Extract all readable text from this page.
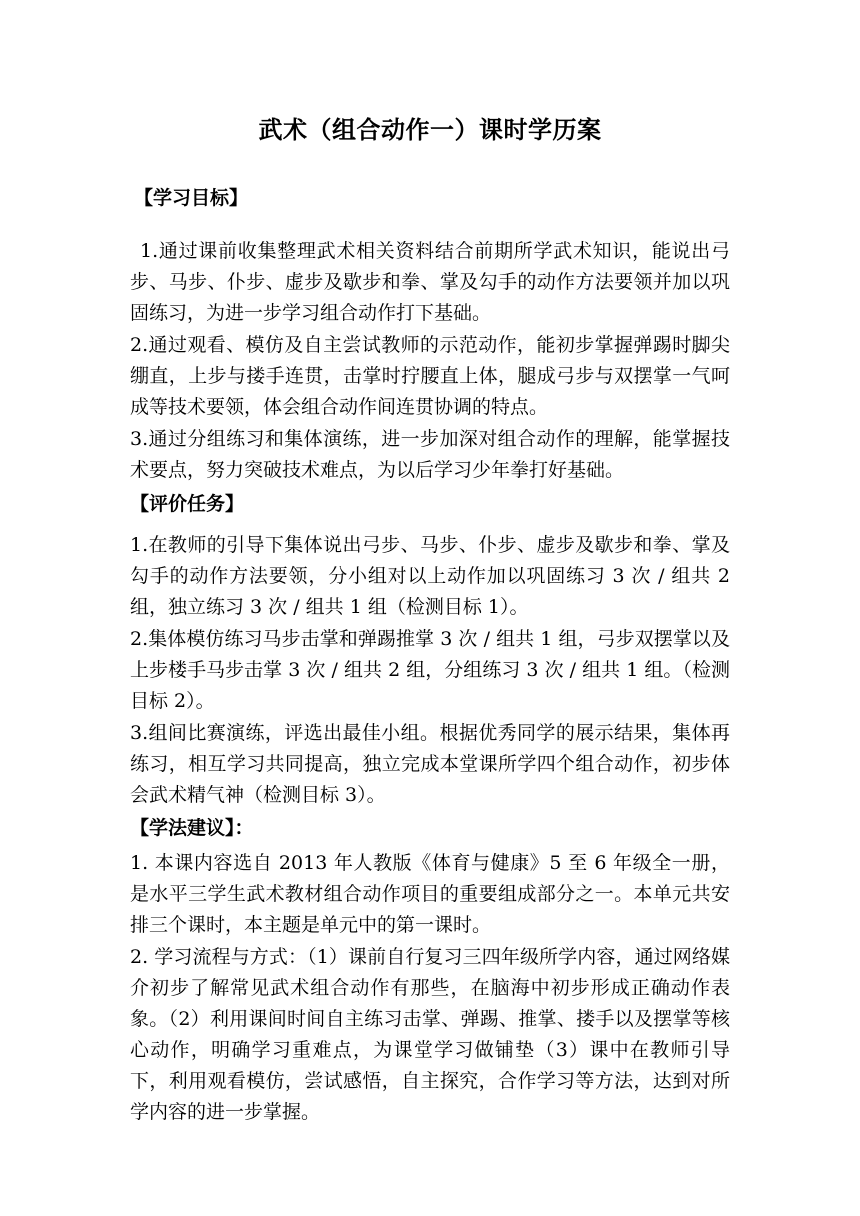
武术（组合动作一）课时学历案
【学习目标】
1.通过课前收集整理武术相关资料结合前期所学武术知识，能说出弓步、马步、仆步、虚步及歇步和拳、掌及勾手的动作方法要领并加以巩固练习，为进一步学习组合动作打下基础。
2.通过观看、模仿及自主尝试教师的示范动作，能初步掌握弹踢时脚尖绷直，上步与搂手连贯，击掌时拧腰直上体，腿成弓步与双摆掌一气呵成等技术要领，体会组合动作间连贯协调的特点。
3.通过分组练习和集体演练，进一步加深对组合动作的理解，能掌握技术要点，努力突破技术难点，为以后学习少年拳打好基础。
【评价任务】
1.在教师的引导下集体说出弓步、马步、仆步、虚步及歇步和拳、掌及勾手的动作方法要领，分小组对以上动作加以巩固练习 3 次 / 组共 2 组，独立练习 3 次 / 组共 1 组（检测目标 1）。
2.集体模仿练习马步击掌和弹踢推掌 3 次 / 组共 1 组，弓步双摆掌以及上步楼手马步击掌 3 次 / 组共 2 组，分组练习 3 次 / 组共 1 组。（检测目标 2）。
3.组间比赛演练，评选出最佳小组。根据优秀同学的展示结果，集体再练习，相互学习共同提高，独立完成本堂课所学四个组合动作，初步体会武术精气神（检测目标 3）。
【学法建议】：
1. 本课内容选自 2013 年人教版《体育与健康》5 至 6 年级全一册，是水平三学生武术教材组合动作项目的重要组成部分之一。本单元共安排三个课时，本主题是单元中的第一课时。
2. 学习流程与方式：（1）课前自行复习三四年级所学内容，通过网络媒介初步了解常见武术组合动作有那些，在脑海中初步形成正确动作表象。（2）利用课间时间自主练习击掌、弹踢、推掌、搂手以及摆掌等核心动作，明确学习重难点，为课堂学习做铺垫（3）课中在教师引导下，利用观看模仿，尝试感悟，自主探究，合作学习等方法，达到对所学内容的进一步掌握。
